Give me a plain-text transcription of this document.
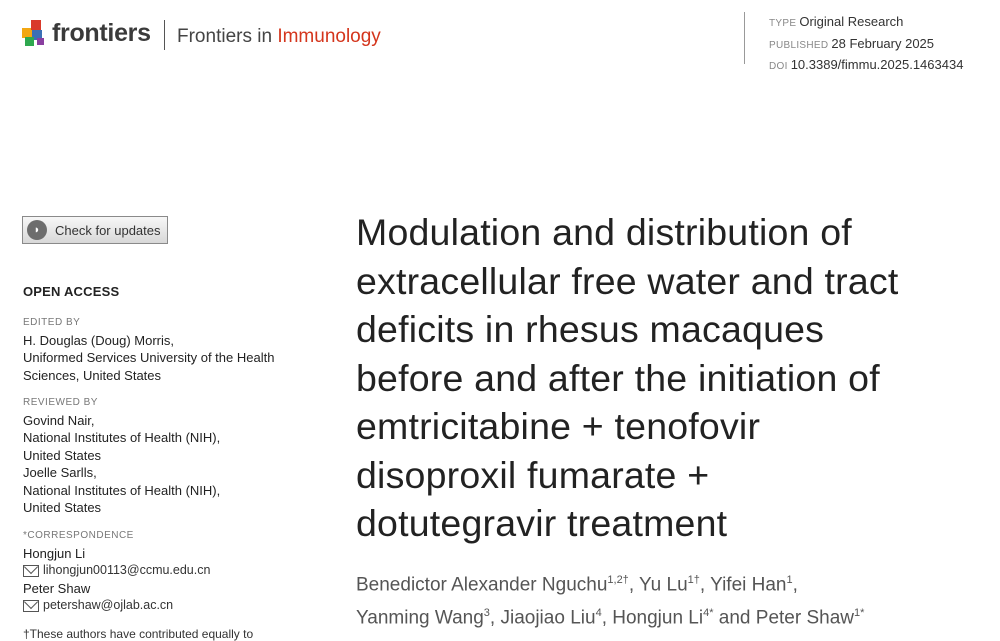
frontiers Frontiers in Immunology
TYPE Original Research
PUBLISHED 28 February 2025
DOI 10.3389/fimmu.2025.1463434
◗	Check for updates
OPEN ACCESS
EDITED BY
H. Douglas (Doug) Morris,
Uniformed Services University of the Health
Sciences, United States
REVIEWED BY
Govind Nair,
National Institutes of Health (NIH),
United States
Joelle Sarlls,
National Institutes of Health (NIH),
United States
*CORRESPONDENCE
Hongjun Li
lihongjun00113@ccmu.edu.cn
Peter Shaw
petershaw@ojlab.ac.cn
†These authors have contributed equally to
Modulation and distribution of
extracellular free water and tract
deficits in rhesus macaques
before and after the initiation of
emtricitabine + tenofovir
disoproxil fumarate +
dotutegravir treatment
Benedictor Alexander Nguchu$^{1,2\dagger}$, Yu $Lu^{1\dagger}$, Yifei Han$^1$,
Yanming Wang$^3$, Jiaojiao Liu$^4$, Hongjun $Li^{4*}$ and Peter Shaw$^{1*}$
